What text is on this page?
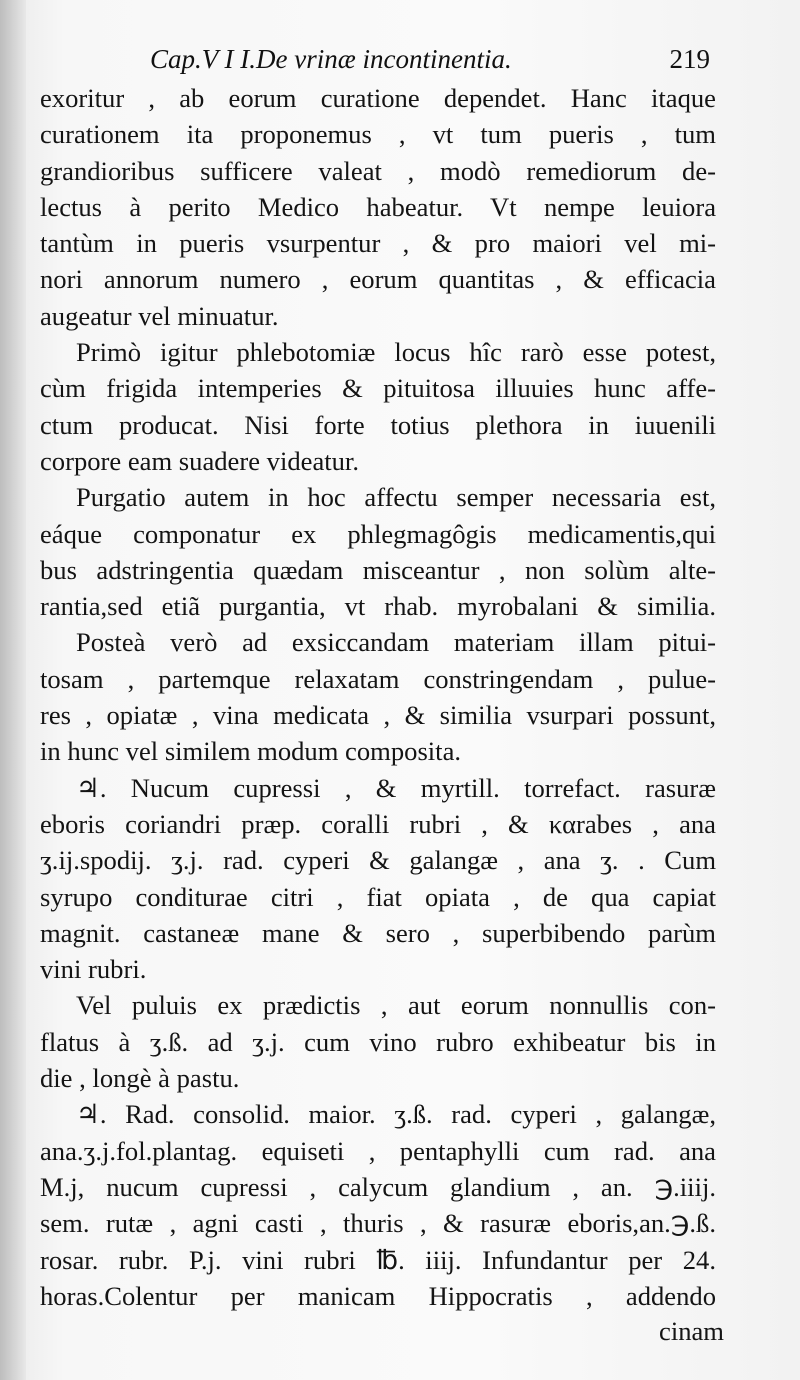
Cap.V I I.De vrinæ incontinentia.	219
exoritur , ab eorum curatione dependet. Hanc itaque
curationem ita proponemus , vt tum pueris , tum
grandioribus sufficere valeat , modò remediorum de-
lectus à perito Medico habeatur. Vt nempe leuiora
tantùm in pueris vsurpentur , & pro maiori vel mi-
nori annorum numero , eorum quantitas , & efficacia
augeatur vel minuatur.
Primò igitur phlebotomiæ locus hîc rarò esse potest,
cùm frigida intemperies & pituitosa illuuies hunc affe-
ctum producat. Nisi forte totius plethora in iuuenili
corpore eam suadere videatur.
Purgatio autem in hoc affectu semper necessaria est,
eáque componatur ex phlegmagôgis medicamentis,qui
bus adstringentia quædam misceantur , non solùm alte-
rantia,sed etiã purgantia, vt rhab. myrobalani & similia.
Posteà verò ad exsiccandam materiam illam pitui-
tosam , partemque relaxatam constringendam , pulue-
res , opiatæ , vina medicata , & similia vsurpari possunt,
in hunc vel similem modum composita.
♃. Nucum cupressi , & myrtill. torrefact. rasuræ
eboris coriandri præp. coralli rubri , & καrabes , ana
ʒ.ij.spodij. ʒ.j. rad. cyperi & galangæ , ana ʒ. . Cum
syrupo conditurae citri , fiat opiata , de qua capiat
magnit. castaneæ mane & sero , superbibendo parùm
vini rubri.
Vel puluis ex prædictis , aut eorum nonnullis con-
flatus à ʒ.ß. ad ʒ.j. cum vino rubro exhibeatur bis in
die , longè à pastu.
♃. Rad. consolid. maior. ʒ.ß. rad. cyperi , galangæ,
ana.ʒ.j.fol.plantag. equiseti , pentaphylli cum rad. ana
M.j, nucum cupressi , calycum glandium , an. ℈.iiij.
sem. rutæ , agni casti , thuris , & rasuræ eboris,an.℈.ß.
rosar. rubr. P.j. vini rubri ℔. iiij. Infundantur per 24.
horas.Colentur per manicam Hippocratis , addendo
cinam
